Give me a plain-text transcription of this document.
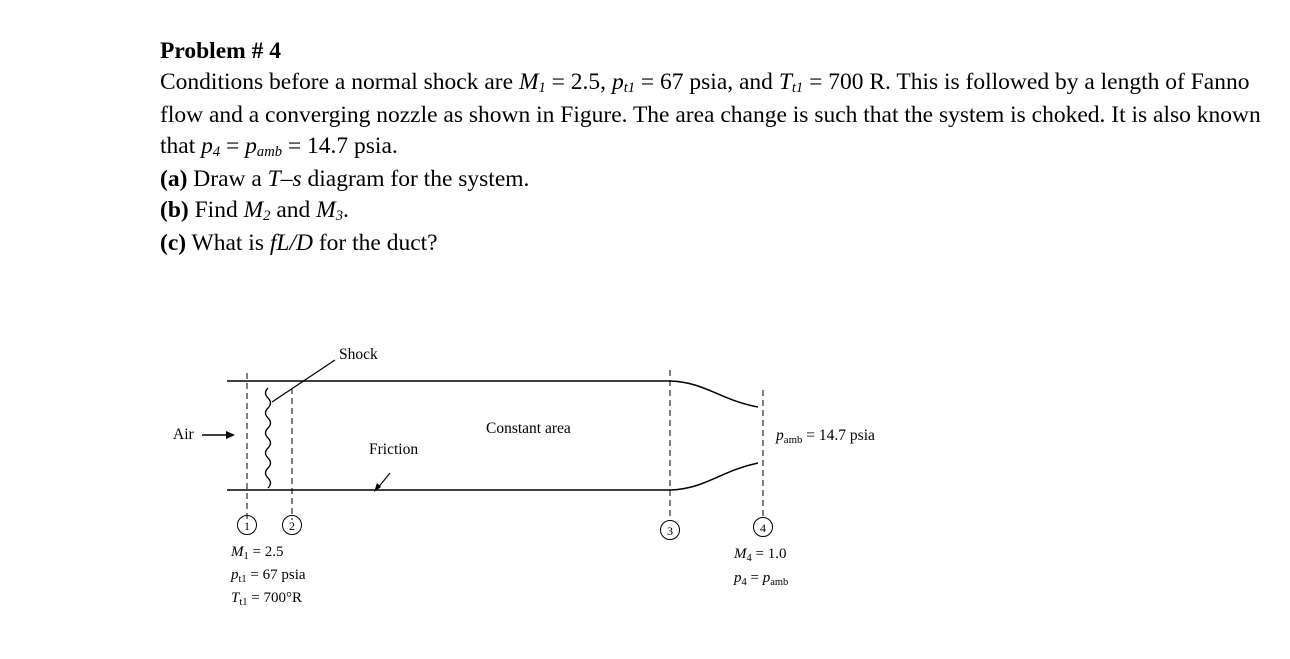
Problem # 4
Conditions before a normal shock are $M_1 = 2.5$, $p_{t1} = 67$ psia, and $T_{t1} = 700$ R. This is followed by a length of Fanno flow and a converging nozzle as shown in Figure. The area change is such that the system is choked. It is also known that $p_4 = p_{amb} = 14.7$ psia.
(a) Draw a T–s diagram for the system.
(b) Find $M_2$ and $M_3$.
(c) What is fL/D for the duct?
Shock
Constant area
Friction
Air	pamb = 14.7 psia
1	2	3	4
M1 = 2.5
pt1 = 67 psia
Tt1 = 700°R
M4 = 1.0
p4 = pamb
